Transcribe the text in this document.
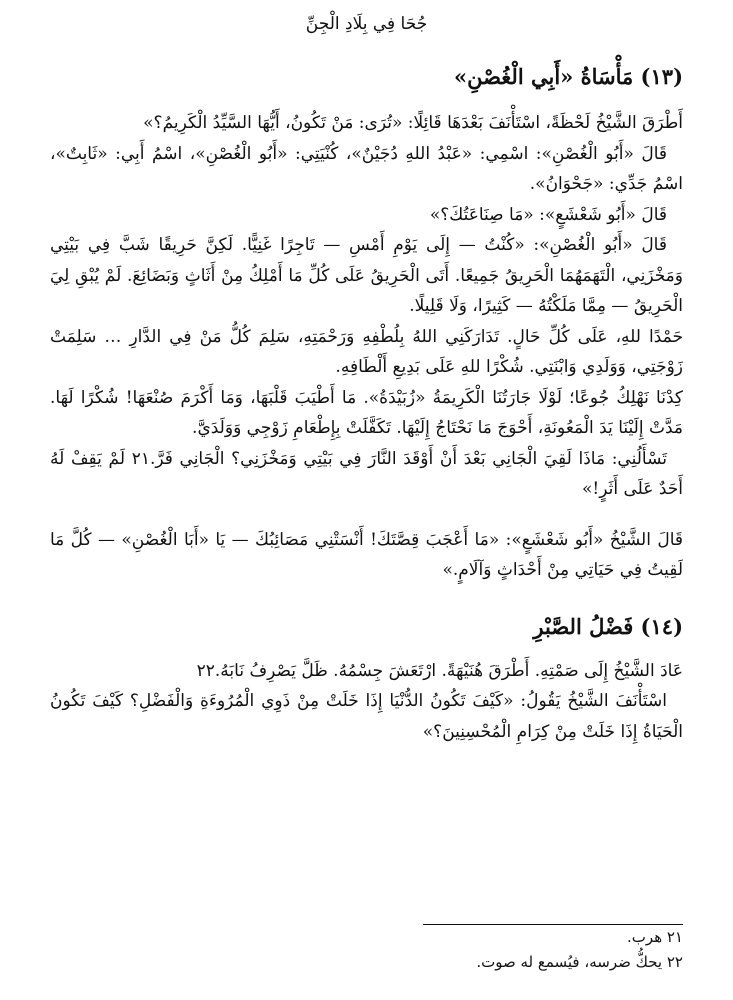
جُحَا فِي بِلَادِ الْجِنِّ
(١٣) مَأْسَاةُ «أَبِي الْغُصْنِ»

أَطْرَقَ الشَّيْخُ لَحْظَةً، اسْتَأْنَفَ بَعْدَهَا قَائِلًا: «تُرَى: مَنْ تَكُونُ، أَيُّهَا السَّيِّدُ الْكَرِيمُ؟»

قَالَ «أَبُو الْغُصْنِ»: اسْمِي: «عَبْدُ اللهِ دُجَيْنٌ»، كُنْيَتِي: «أَبُو الْغُصْنِ»، اسْمُ أَبِي: «ثَابِتٌ»، اسْمُ جَدِّي: «جَحْوَانُ».

قَالَ «أَبُو شَعْشَعٍ»: «مَا صِنَاعَتُكَ؟»

قَالَ «أَبُو الْغُصْنِ»: «كُنْتُ — إِلَى يَوْمِ أَمْسِ — تَاجِرًا غَنِيًّا. لَكِنَّ حَرِيقًا شَبَّ فِي بَيْتِي وَمَخْزَنِي، الْتَهَمَهُمَا الْحَرِيقُ جَمِيعًا. أَتَى الْحَرِيقُ عَلَى كُلِّ مَا أَمْلِكُ مِنْ أَثَاثٍ وَبَضَائِعَ. لَمْ يُبْقِ لِيَ الْحَرِيقُ — مِمَّا مَلَكْتُهُ — كَثِيرًا، وَلَا قَلِيلًا.

حَمْدًا للهِ، عَلَى كُلِّ حَالٍ. تَدَارَكَنِي اللهُ بِلُطْفِهِ وَرَحْمَتِهِ، سَلِمَ كُلُّ مَنْ فِي الدَّارِ … سَلِمَتْ زَوْجَتِي، وَوَلَدِي وَابْنَتِي. شُكْرًا للهِ عَلَى بَدِيعِ أَلْطَافِهِ.

كِدْنَا نَهْلِكُ جُوعًا؛ لَوْلَا جَارَتُنَا الْكَرِيمَةُ «زُبَيْدَةُ». مَا أَطْيَبَ قَلْبَهَا، وَمَا أَكْرَمَ صُنْعَهَا! شُكْرًا لَهَا. مَدَّتْ إِلَيْنَا يَدَ الْمَعُونَةِ، أَحْوَجَ مَا نَحْتَاجُ إِلَيْهَا. تَكَفَّلَتْ بِإِطْعَامِ زَوْجِي وَوَلَدَيَّ.

تَسْأَلُنِي: مَاذَا لَقِيَ الْجَانِي بَعْدَ أَنْ أَوْقَدَ النَّارَ فِي بَيْتِي وَمَخْزَنِي؟ الْجَانِي فَرَّ.٢١ لَمْ يَقِفْ لَهُ أَحَدٌ عَلَى أَثَرٍ!»

قَالَ الشَّيْخُ «أَبُو شَعْشَعٍ»: «مَا أَعْجَبَ قِصَّتَكَ! أَنْسَتْنِي مَصَائِبُكَ — يَا «أَبَا الْغُصْنِ» — كُلَّ مَا لَقِيتُ فِي حَيَاتِي مِنْ أَحْدَاثٍ وَآلَامٍ.»

(١٤) فَضْلُ الصَّبْرِ

عَادَ الشَّيْخُ إِلَى صَمْتِهِ. أَطْرَقَ هُنَيْهَةً. ارْتَعَشَ جِسْمُهُ. ظَلَّ يَصْرِفُ نَابَهُ.٢٢

اسْتَأْنَفَ الشَّيْخُ يَقُولُ: «كَيْفَ تَكُونُ الدُّنْيَا إِذَا خَلَتْ مِنْ ذَوِي الْمُرُوءَةِ وَالْفَضْلِ؟ كَيْفَ تَكُونُ الْحَيَاةُ إِذَا خَلَتْ مِنْ كِرَامِ الْمُحْسِنِينَ؟»

٢١ هرب.
٢٢ يحكُّ ضرسه، فيُسمع له صوت.
